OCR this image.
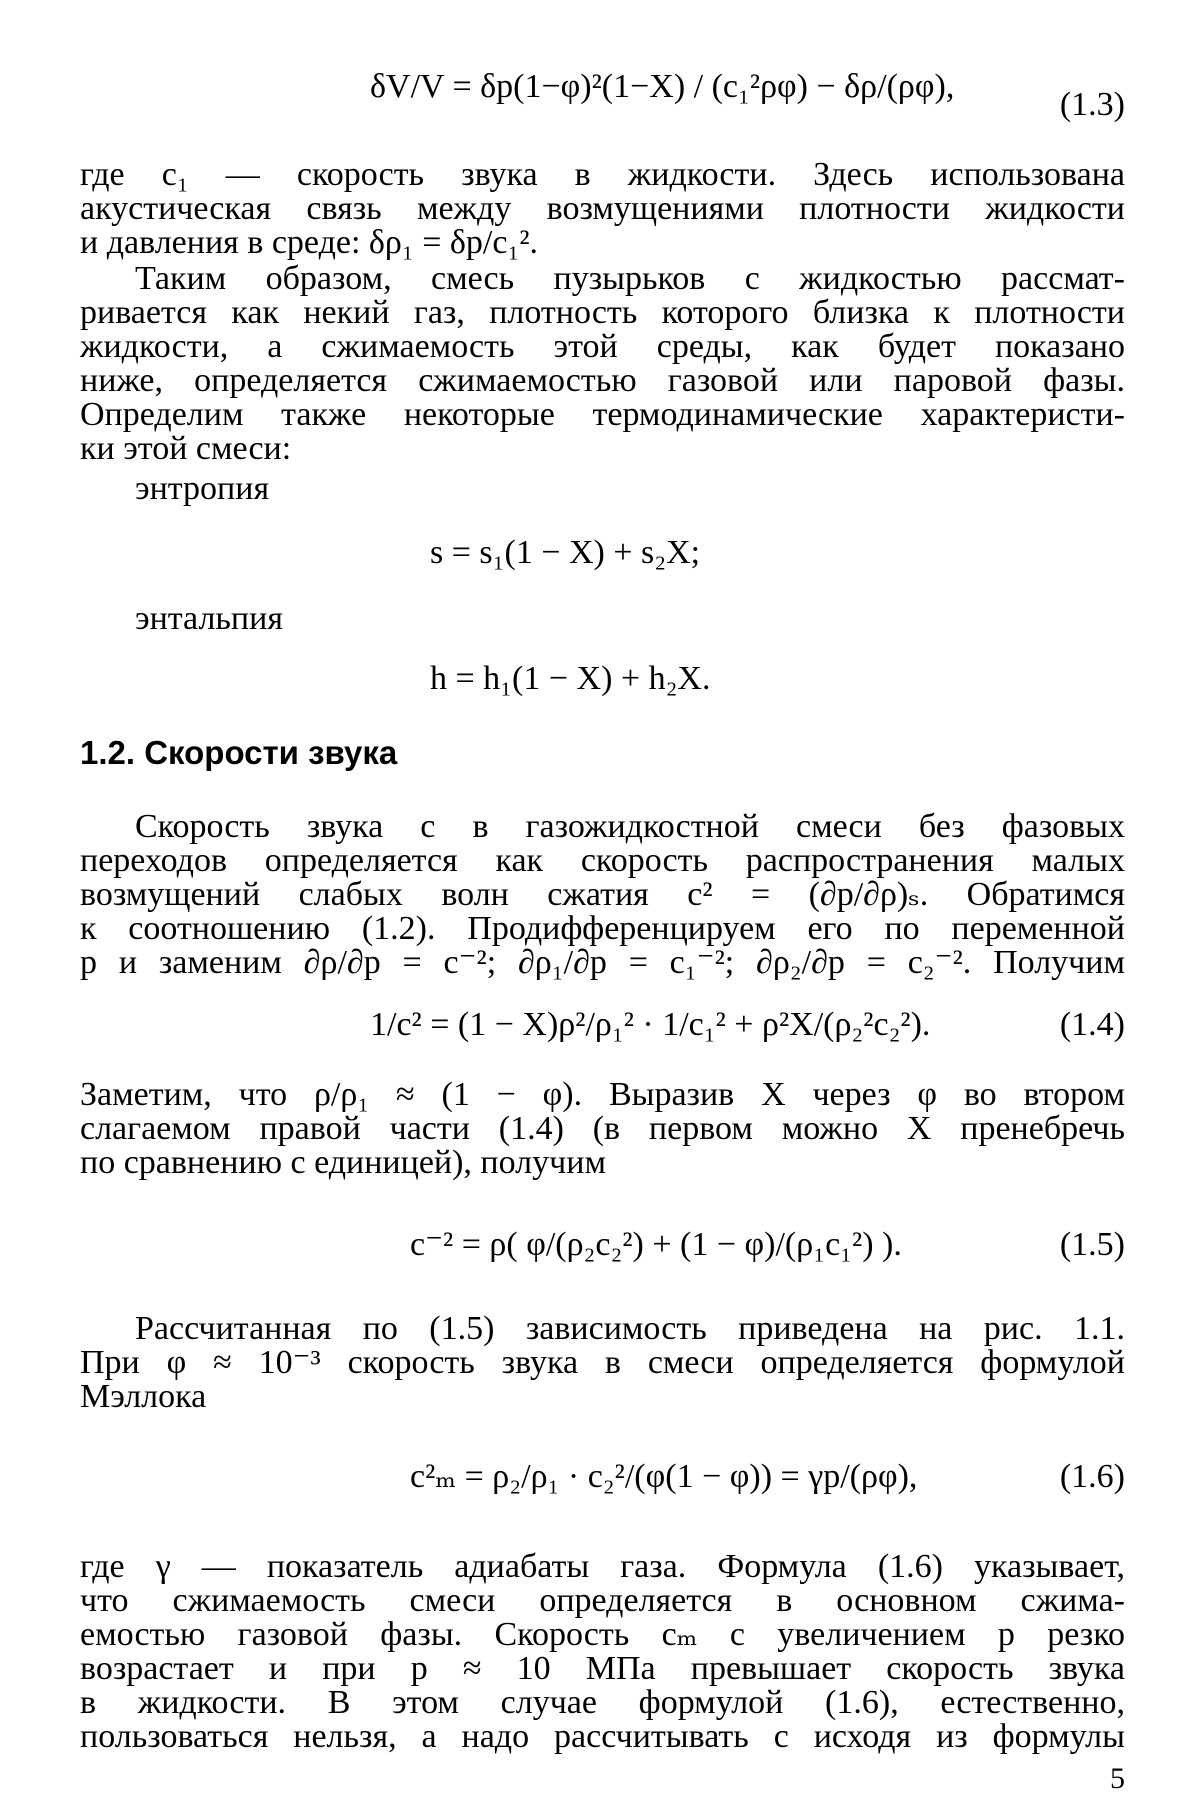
δV/V = δp(1−φ)²(1−X) / (c₁²ρφ) − δρ/(ρφ),	(1.3)
где c₁ — скорость звука в жидкости. Здесь использована
акустическая связь между возмущениями плотности жидкости
и давления в среде: δρ₁ = δp/c₁².
Таким образом, смесь пузырьков с жидкостью рассмат-
ривается как некий газ, плотность которого близка к плотности
жидкости, а сжимаемость этой среды, как будет показано
ниже, определяется сжимаемостью газовой или паровой фазы.
Определим также некоторые термодинамические характеристи-
ки этой смеси:
энтропия
s = s₁(1 − X) + s₂X;
энтальпия
h = h₁(1 − X) + h₂X.
1.2. Скорости звука
Скорость звука c в газожидкостной смеси без фазовых
переходов определяется как скорость распространения малых
возмущений слабых волн сжатия c² = (∂p/∂ρ)ₛ. Обратимся
к соотношению (1.2). Продифференцируем его по переменной
p и заменим ∂ρ/∂p = c⁻²; ∂ρ₁/∂p = c₁⁻²; ∂ρ₂/∂p = c₂⁻². Получим
1/c² = (1 − X)ρ²/ρ₁² · 1/c₁² + ρ²X/(ρ₂²c₂²).	(1.4)
Заметим, что ρ/ρ₁ ≈ (1 − φ). Выразив X через φ во втором
слагаемом правой части (1.4) (в первом можно X пренебречь
по сравнению с единицей), получим
c⁻² = ρ( φ/(ρ₂c₂²) + (1 − φ)/(ρ₁c₁²) ).	(1.5)
Рассчитанная по (1.5) зависимость приведена на рис. 1.1.
При φ ≈ 10⁻³ скорость звука в смеси определяется формулой
Мэллока
c²ₘ = ρ₂/ρ₁ · c₂²/(φ(1 − φ)) = γp/(ρφ),	(1.6)
где γ — показатель адиабаты газа. Формула (1.6) указывает,
что сжимаемость смеси определяется в основном сжима-
емостью газовой фазы. Скорость cₘ с увеличением p резко
возрастает и при p ≈ 10 МПа превышает скорость звука
в жидкости. В этом случае формулой (1.6), естественно,
пользоваться нельзя, а надо рассчитывать c исходя из формулы
5
